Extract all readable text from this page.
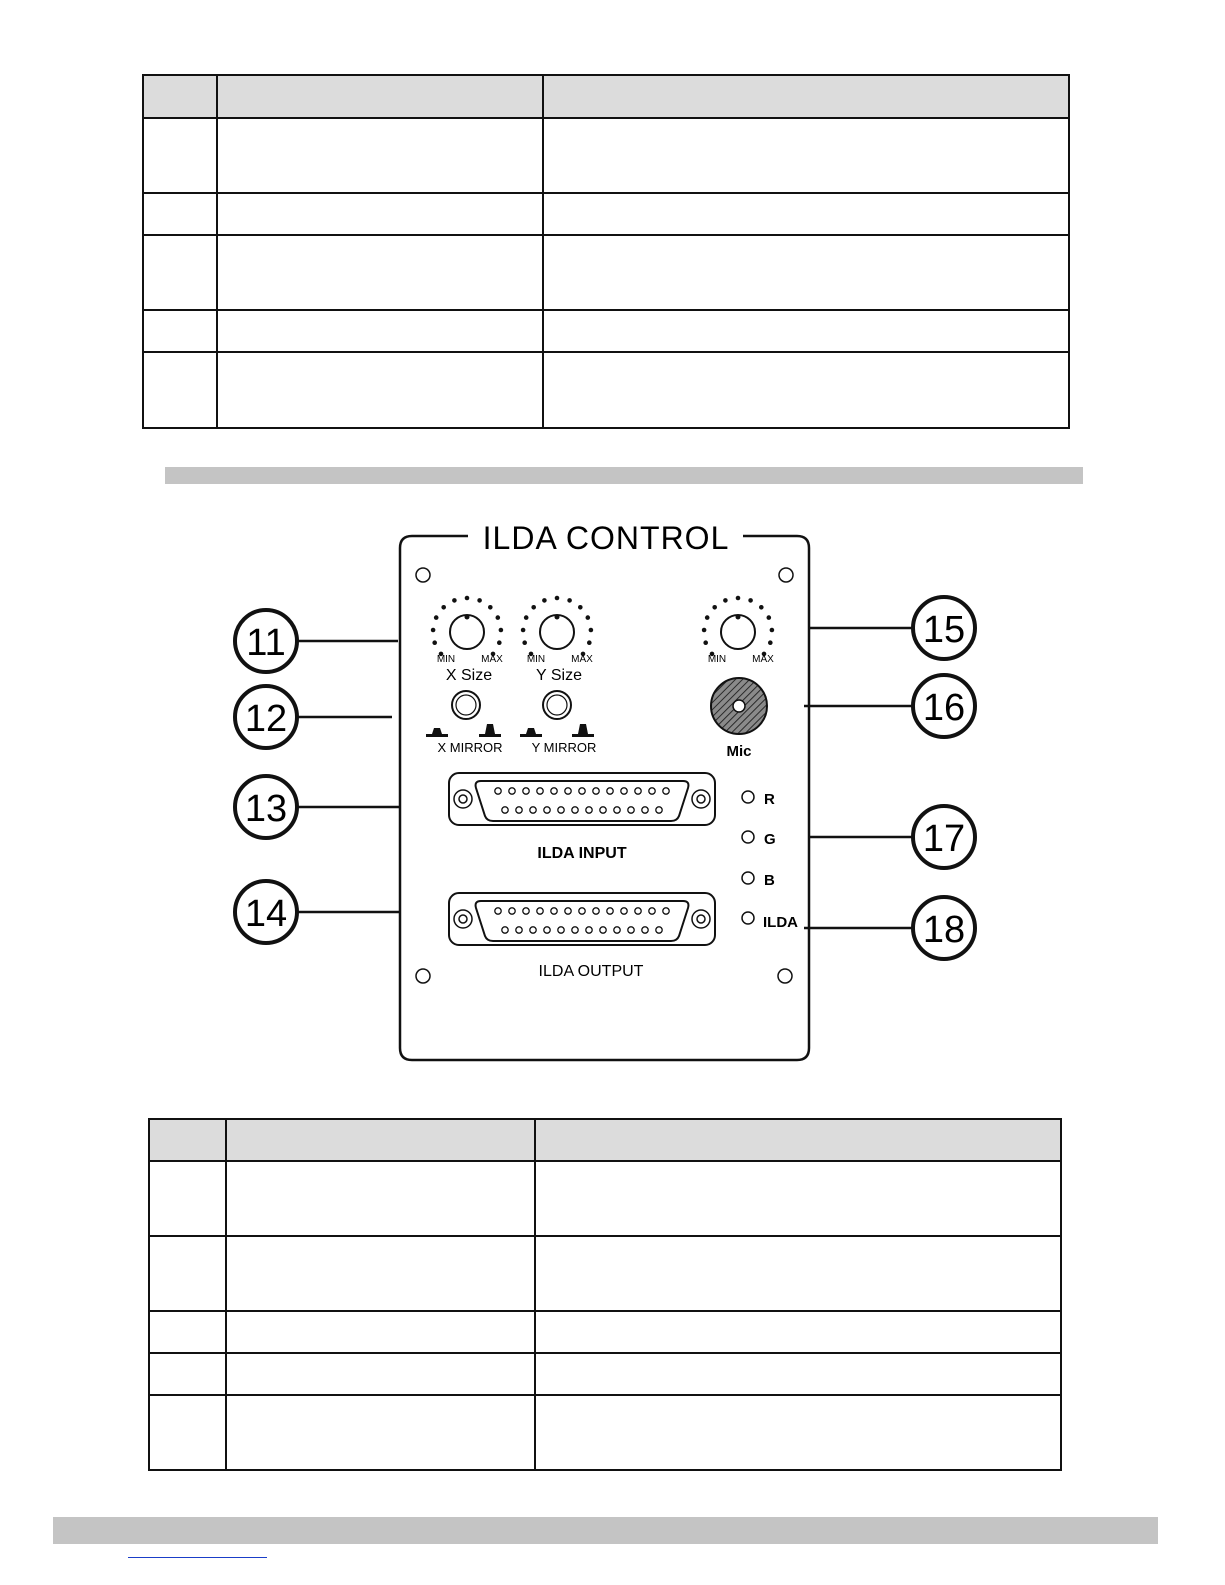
ILDA CONTROL
MIN	MAX MIN	MAX	MIN	MAX
X Size	Y Size
X MIRROR Y MIRROR	Mic
ILDA INPUT
ILDA OUTPUT
R
G
B
ILDA
11
12
13
14
15
16
17
18
